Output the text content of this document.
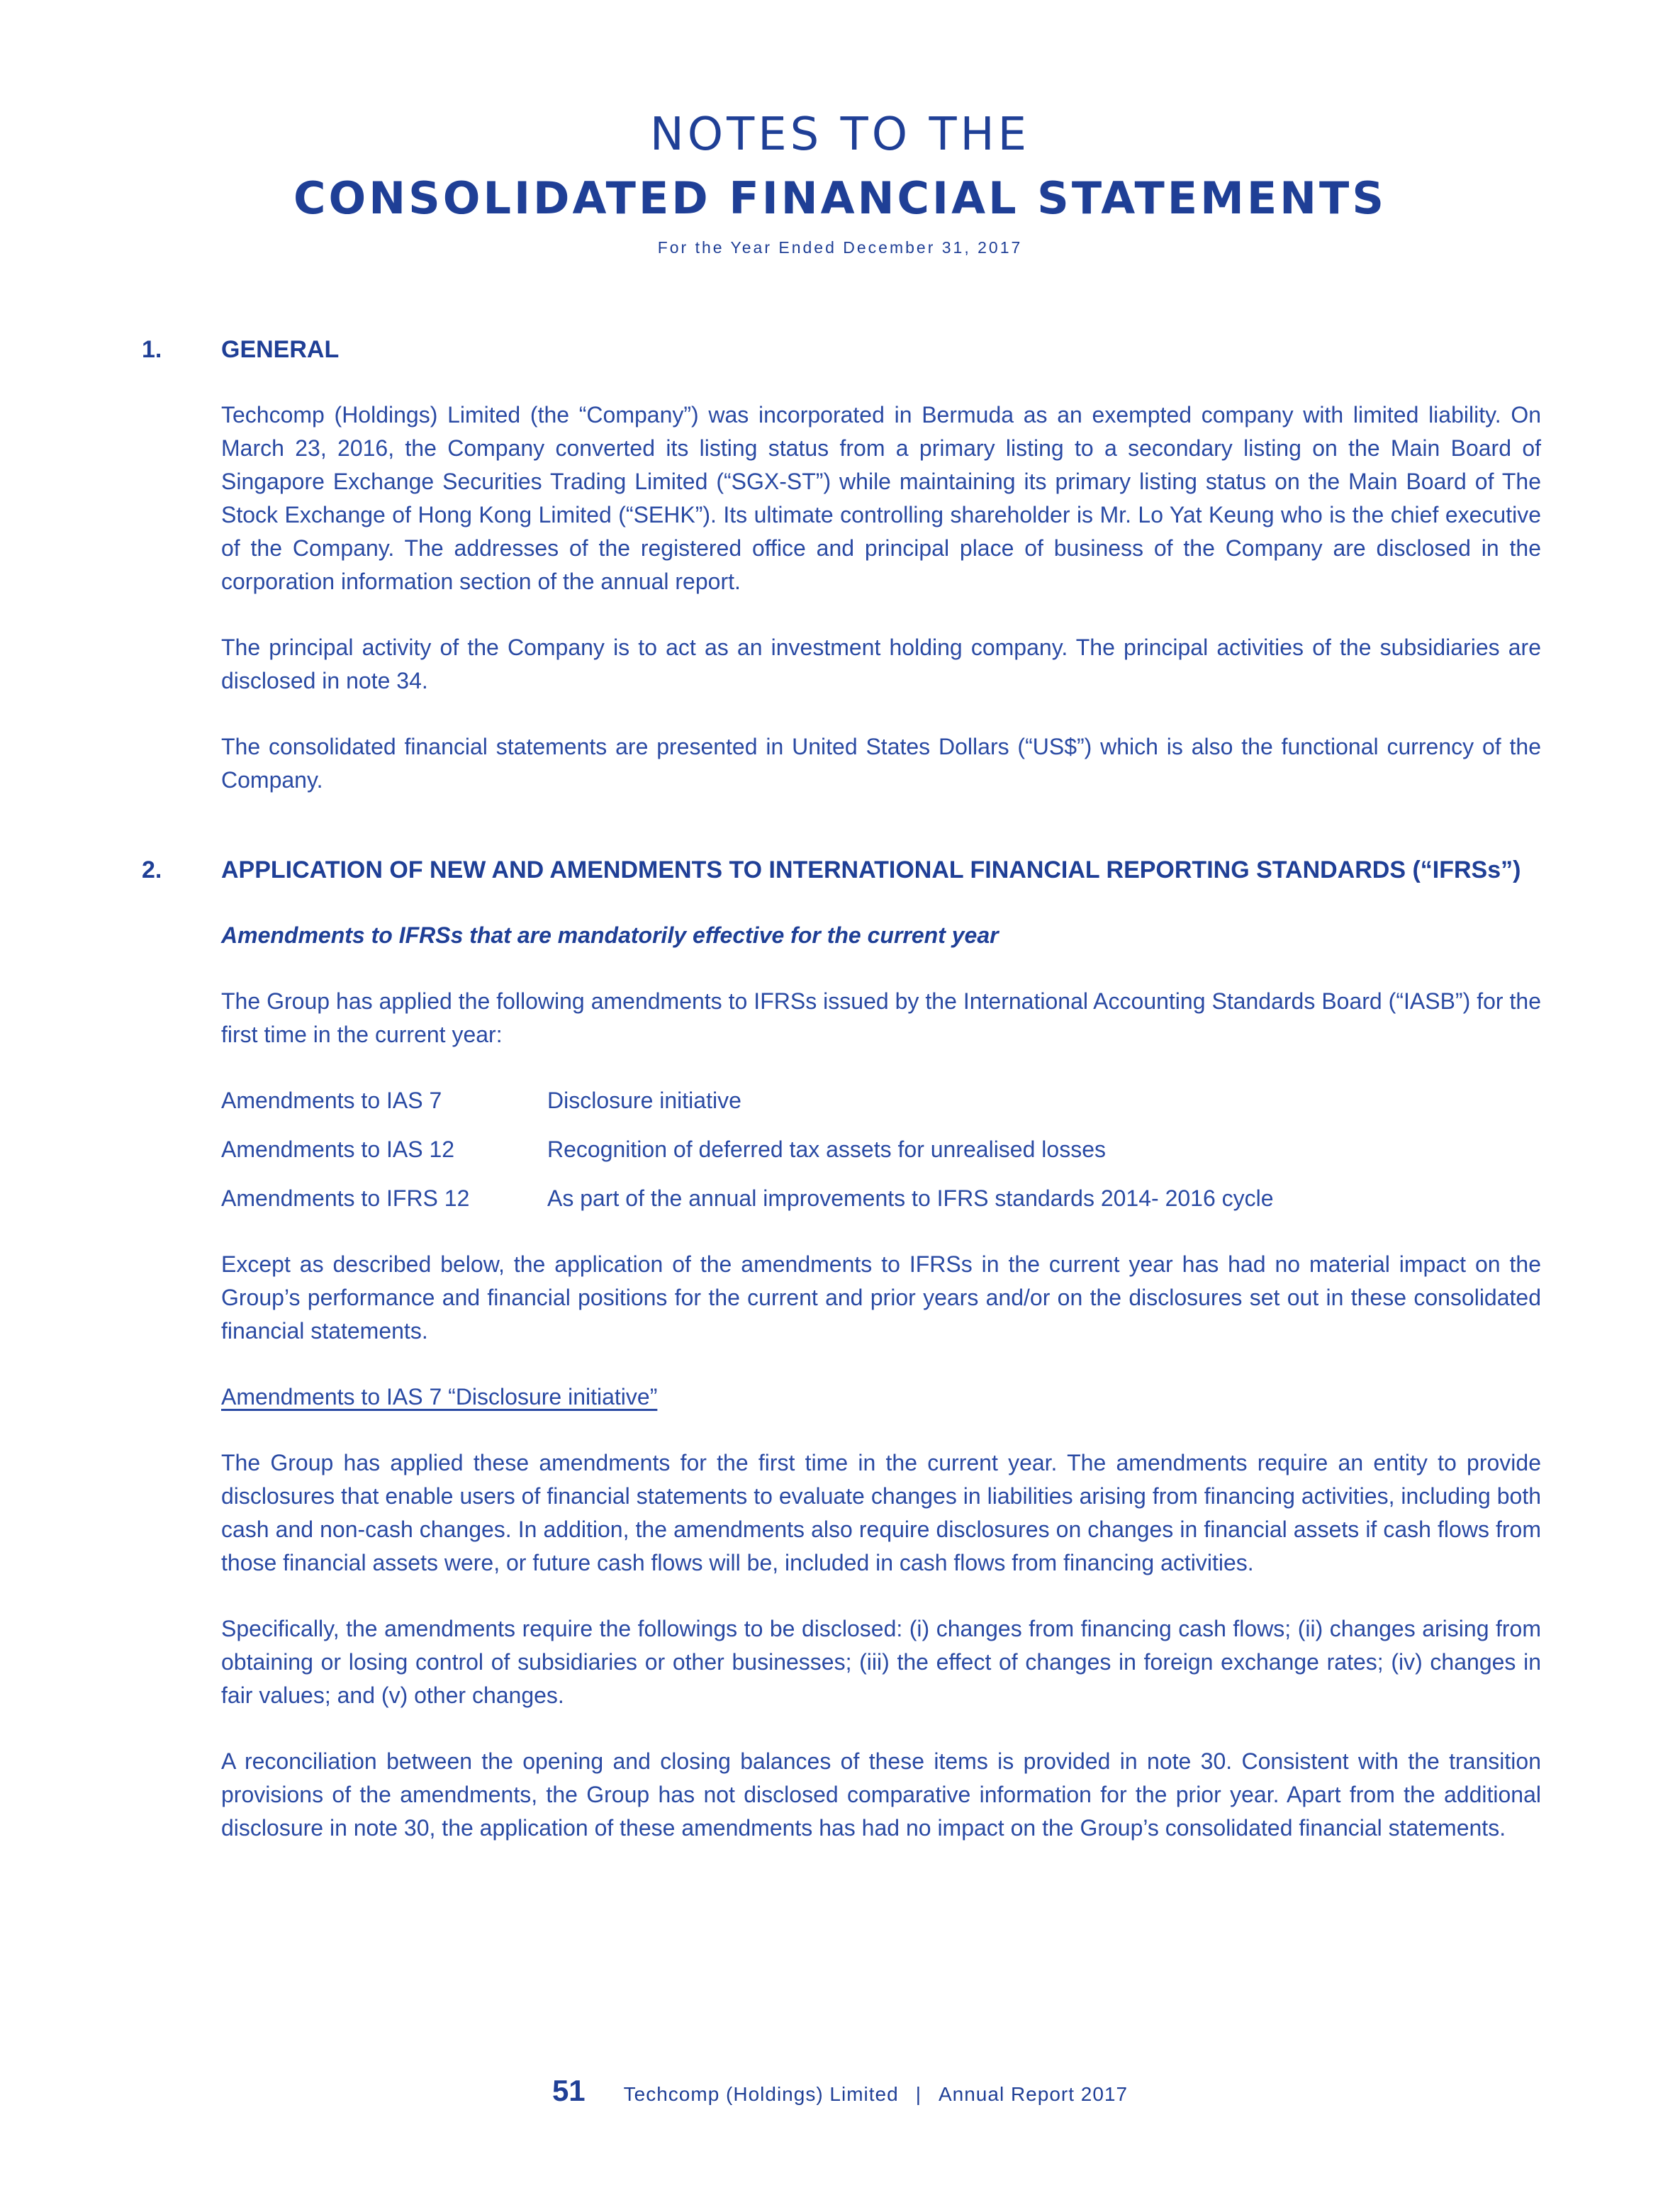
NOTES TO THE
CONSOLIDATED FINANCIAL STATEMENTS
For the Year Ended December 31, 2017
1. GENERAL

Techcomp (Holdings) Limited (the “Company”) was incorporated in Bermuda as an exempted company with limited liability. On March 23, 2016, the Company converted its listing status from a primary listing to a secondary listing on the Main Board of Singapore Exchange Securities Trading Limited (“SGX-ST”) while maintaining its primary listing status on the Main Board of The Stock Exchange of Hong Kong Limited (“SEHK”). Its ultimate controlling shareholder is Mr. Lo Yat Keung who is the chief executive of the Company. The addresses of the registered office and principal place of business of the Company are disclosed in the corporation information section of the annual report.

The principal activity of the Company is to act as an investment holding company. The principal activities of the subsidiaries are disclosed in note 34.

The consolidated financial statements are presented in United States Dollars (“US$”) which is also the functional currency of the Company.

2. APPLICATION OF NEW AND AMENDMENTS TO INTERNATIONAL FINANCIAL REPORTING STANDARDS (“IFRSs”)
Amendments to IFRSs that are mandatorily effective for the current year

The Group has applied the following amendments to IFRSs issued by the International Accounting Standards Board (“IASB”) for the first time in the current year:

Amendments to IAS 7	Disclosure initiative
Amendments to IAS 12	Recognition of deferred tax assets for unrealised losses
Amendments to IFRS 12	As part of the annual improvements to IFRS standards 2014- 2016 cycle

Except as described below, the application of the amendments to IFRSs in the current year has had no material impact on the Group’s performance and financial positions for the current and prior years and/or on the disclosures set out in these consolidated financial statements.

Amendments to IAS 7 “Disclosure initiative”

The Group has applied these amendments for the first time in the current year. The amendments require an entity to provide disclosures that enable users of financial statements to evaluate changes in liabilities arising from financing activities, including both cash and non-cash changes. In addition, the amendments also require disclosures on changes in financial assets if cash flows from those financial assets were, or future cash flows will be, included in cash flows from financing activities.

Specifically, the amendments require the followings to be disclosed: (i) changes from financing cash flows; (ii) changes arising from obtaining or losing control of subsidiaries or other businesses; (iii) the effect of changes in foreign exchange rates; (iv) changes in fair values; and (v) other changes.

A reconciliation between the opening and closing balances of these items is provided in note 30. Consistent with the transition provisions of the amendments, the Group has not disclosed comparative information for the prior year. Apart from the additional disclosure in note 30, the application of these amendments has had no impact on the Group’s consolidated financial statements.

51 Techcomp (Holdings) Limited | Annual Report 2017
